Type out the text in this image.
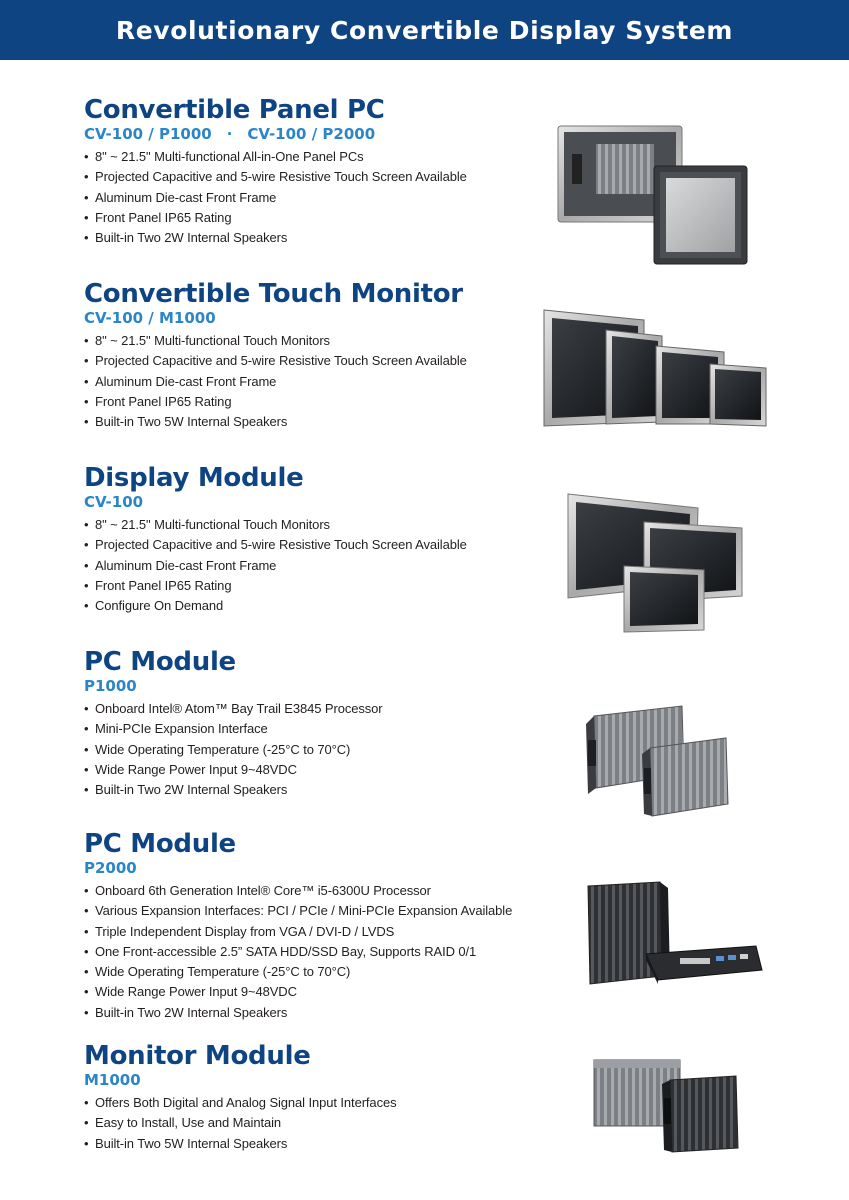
Revolutionary Convertible Display System
Convertible Panel PC
CV-100 / P1000　·　CV-100 / P2000
• 8" ~ 21.5" Multi-functional All-in-One Panel PCs
• Projected Capacitive and 5-wire Resistive Touch Screen Available
• Aluminum Die-cast Front Frame
• Front Panel IP65 Rating
• Built-in Two 2W Internal Speakers
Convertible Touch Monitor
CV-100 / M1000
• 8" ~ 21.5" Multi-functional Touch Monitors
• Projected Capacitive and 5-wire Resistive Touch Screen Available
• Aluminum Die-cast Front Frame
• Front Panel IP65 Rating
• Built-in Two 5W Internal Speakers
Display Module
CV-100
• 8" ~ 21.5" Multi-functional Touch Monitors
• Projected Capacitive and 5-wire Resistive Touch Screen Available
• Aluminum Die-cast Front Frame
• Front Panel IP65 Rating
• Configure On Demand
PC Module
P1000
• Onboard Intel® Atom™ Bay Trail E3845 Processor
• Mini-PCIe Expansion Interface
• Wide Operating Temperature (-25°C to 70°C)
• Wide Range Power Input 9~48VDC
• Built-in Two 2W Internal Speakers
PC Module
P2000
• Onboard 6th Generation Intel® Core™ i5-6300U Processor
• Various Expansion Interfaces: PCI / PCIe / Mini-PCIe Expansion Available
• Triple Independent Display from VGA / DVI-D / LVDS
• One Front-accessible 2.5” SATA HDD/SSD Bay, Supports RAID 0/1
• Wide Operating Temperature (-25°C to 70°C)
• Wide Range Power Input 9~48VDC
• Built-in Two 2W Internal Speakers
Monitor Module
M1000
• Offers Both Digital and Analog Signal Input Interfaces
• Easy to Install, Use and Maintain
• Built-in Two 5W Internal Speakers
